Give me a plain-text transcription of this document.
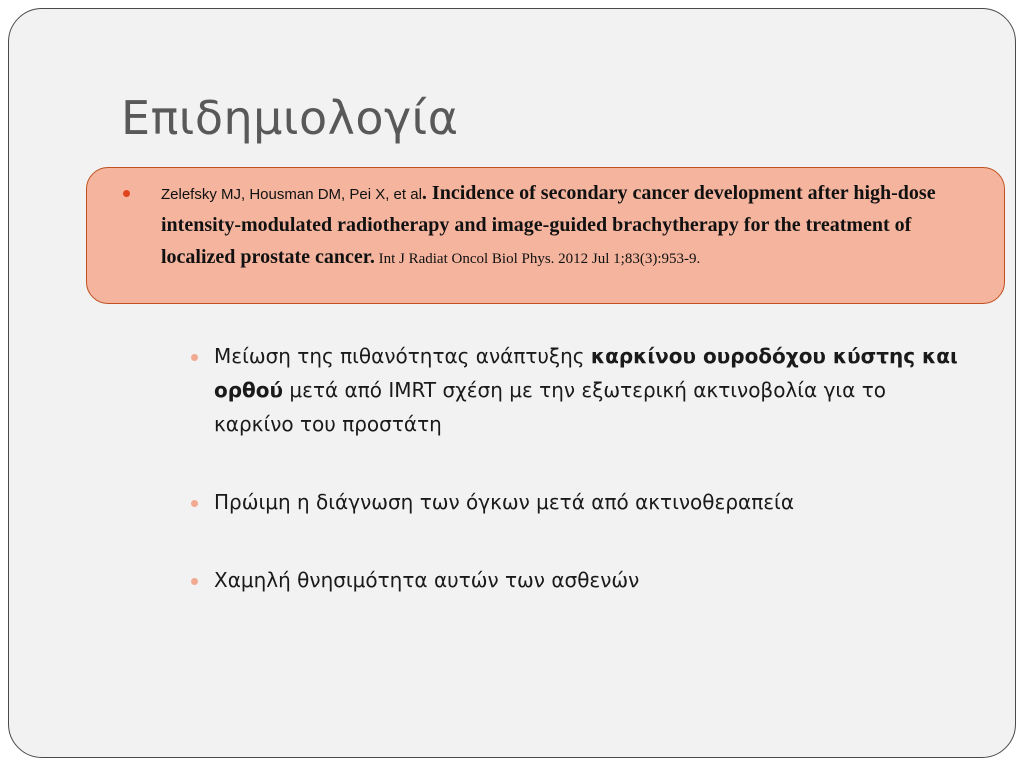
Επιδημιολογία
Zelefsky MJ, Housman DM, Pei X, et al. Incidence of secondary cancer development after high-dose intensity-modulated radiotherapy and image-guided brachytherapy for the treatment of localized prostate cancer. Int J Radiat Oncol Biol Phys. 2012 Jul 1;83(3):953-9.
Μείωση της πιθανότητας ανάπτυξης καρκίνου ουροδόχου κύστης και ορθού μετά από IMRT σχέση με την εξωτερική ακτινοβολία για το καρκίνο του προστάτη
Πρώιμη η διάγνωση των όγκων μετά από ακτινοθεραπεία
Χαμηλή θνησιμότητα αυτών των ασθενών
